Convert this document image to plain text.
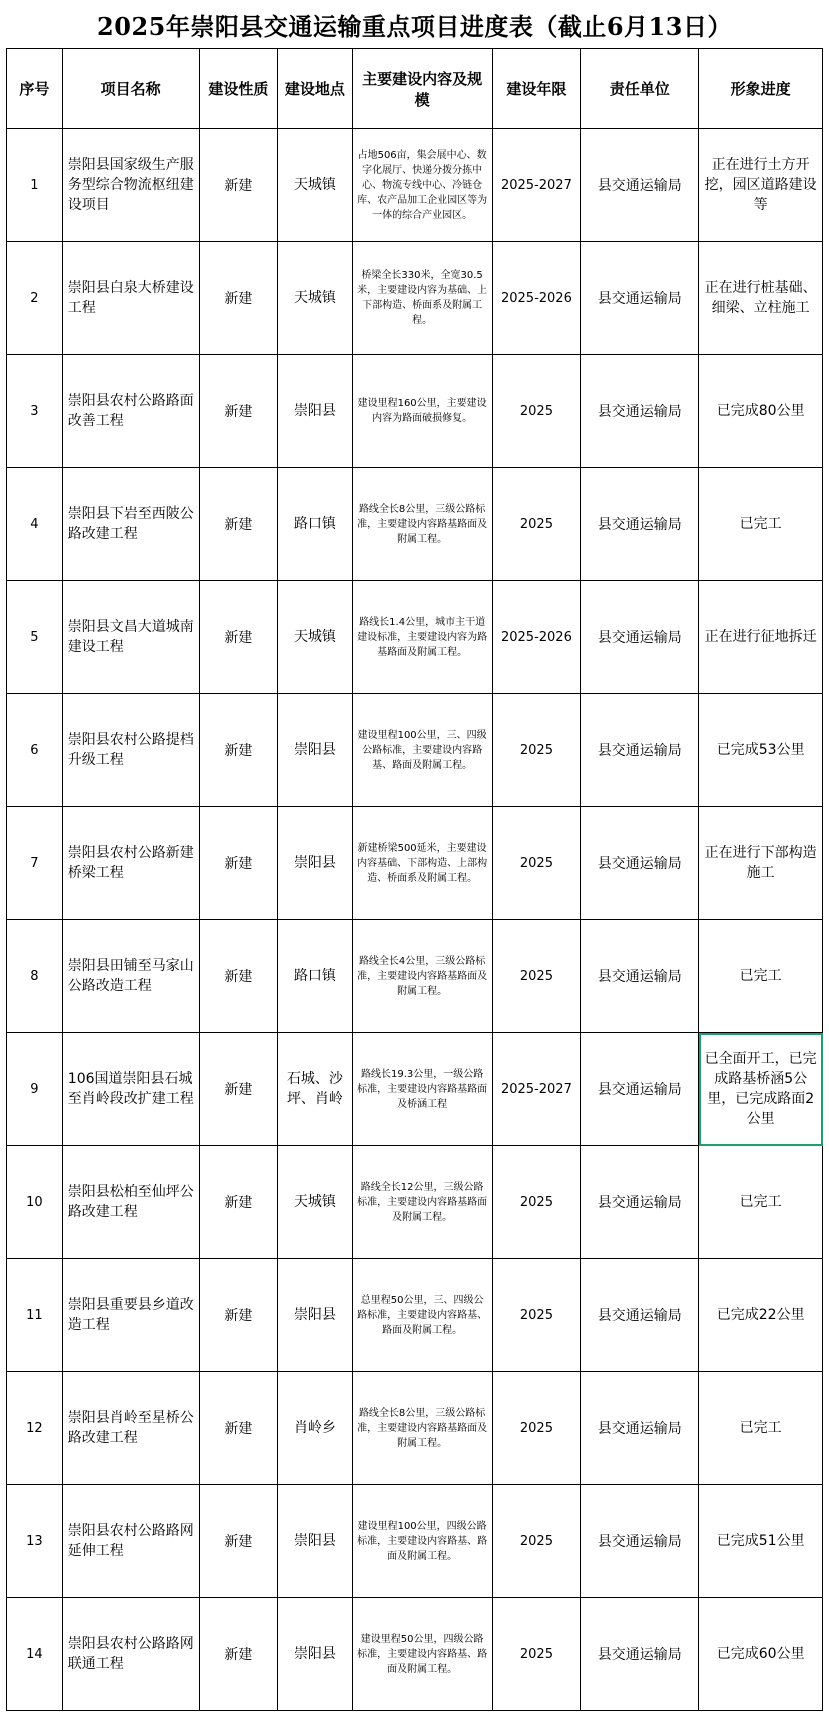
2025年崇阳县交通运输重点项目进度表（截止6月13日）
序号	项目名称	建设性质	建设地点	主要建设内容及规模	建设年限	责任单位	形象进度
1	崇阳县国家级生产服务型综合物流枢纽建设项目	新建	天城镇	占地506亩，集会展中心、数字化展厅、快递分拨分拣中心、物流专线中心、冷链仓库、农产品加工企业园区等为一体的综合产业园区。	2025-2027	县交通运输局	正在进行土方开挖，园区道路建设等
2	崇阳县白泉大桥建设工程	新建	天城镇	桥梁全长330米，全宽30.5米，主要建设内容为基础、上下部构造、桥面系及附属工程。	2025-2026	县交通运输局	正在进行桩基础、细梁、立柱施工
3	崇阳县农村公路路面改善工程	新建	崇阳县	建设里程160公里，主要建设内容为路面破损修复。	2025	县交通运输局	已完成80公里
4	崇阳县下岩至西陂公路改建工程	新建	路口镇	路线全长8公里，三级公路标准，主要建设内容路基路面及附属工程。	2025	县交通运输局	已完工
5	崇阳县文昌大道城南建设工程	新建	天城镇	路线长1.4公里，城市主干道建设标准，主要建设内容为路基路面及附属工程。	2025-2026	县交通运输局	正在进行征地拆迁
6	崇阳县农村公路提档升级工程	新建	崇阳县	建设里程100公里，三、四级公路标准，主要建设内容路基、路面及附属工程。	2025	县交通运输局	已完成53公里
7	崇阳县农村公路新建桥梁工程	新建	崇阳县	新建桥梁500延米，主要建设内容基础、下部构造、上部构造、桥面系及附属工程。	2025	县交通运输局	正在进行下部构造施工
8	崇阳县田铺至马家山公路改造工程	新建	路口镇	路线全长4公里，三级公路标准，主要建设内容路基路面及附属工程。	2025	县交通运输局	已完工
9	106国道崇阳县石城至肖岭段改扩建工程	新建	石城、沙坪、肖岭	路线长19.3公里，一级公路标准，主要建设内容路基路面及桥涵工程	2025-2027	县交通运输局	已全面开工，已完成路基桥涵5公里，已完成路面2公里
10	崇阳县松柏至仙坪公路改建工程	新建	天城镇	路线全长12公里，三级公路标准，主要建设内容路基路面及附属工程。	2025	县交通运输局	已完工
11	崇阳县重要县乡道改造工程	新建	崇阳县	总里程50公里，三、四级公路标准，主要建设内容路基、路面及附属工程。	2025	县交通运输局	已完成22公里
12	崇阳县肖岭至星桥公路改建工程	新建	肖岭乡	路线全长8公里，三级公路标准，主要建设内容路基路面及附属工程。	2025	县交通运输局	已完工
13	崇阳县农村公路路网延伸工程	新建	崇阳县	建设里程100公里，四级公路标准，主要建设内容路基、路面及附属工程。	2025	县交通运输局	已完成51公里
14	崇阳县农村公路路网联通工程	新建	崇阳县	建设里程50公里，四级公路标准，主要建设内容路基、路面及附属工程。	2025	县交通运输局	已完成60公里
